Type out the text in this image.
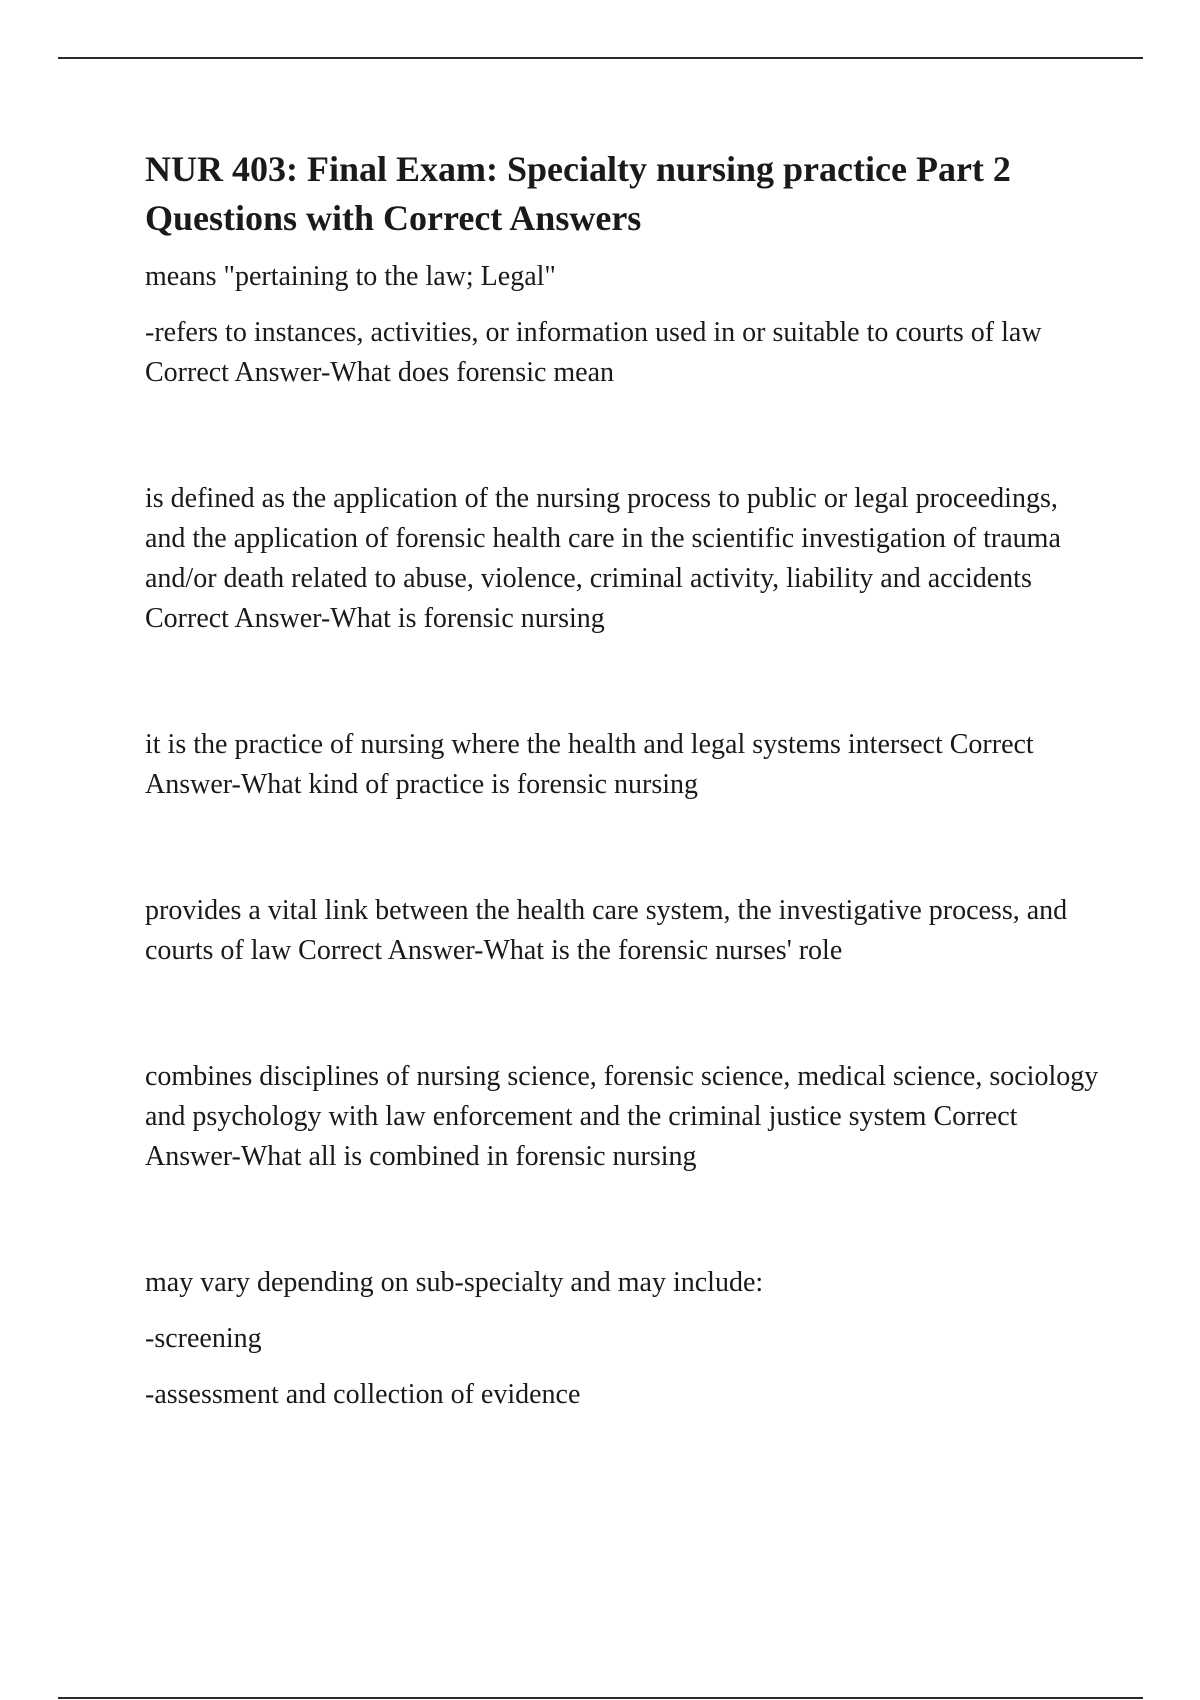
NUR 403: Final Exam: Specialty nursing practice Part 2 Questions with Correct Answers

means "pertaining to the law; Legal"

-refers to instances, activities, or information used in or suitable to courts of law Correct Answer-What does forensic mean

is defined as the application of the nursing process to public or legal proceedings, and the application of forensic health care in the scientific investigation of trauma and/or death related to abuse, violence, criminal activity, liability and accidents Correct Answer-What is forensic nursing

it is the practice of nursing where the health and legal systems intersect Correct Answer-What kind of practice is forensic nursing

provides a vital link between the health care system, the investigative process, and courts of law Correct Answer-What is the forensic nurses' role

combines disciplines of nursing science, forensic science, medical science, sociology and psychology with law enforcement and the criminal justice system Correct Answer-What all is combined in forensic nursing

may vary depending on sub-specialty and may include:

-screening

-assessment and collection of evidence
